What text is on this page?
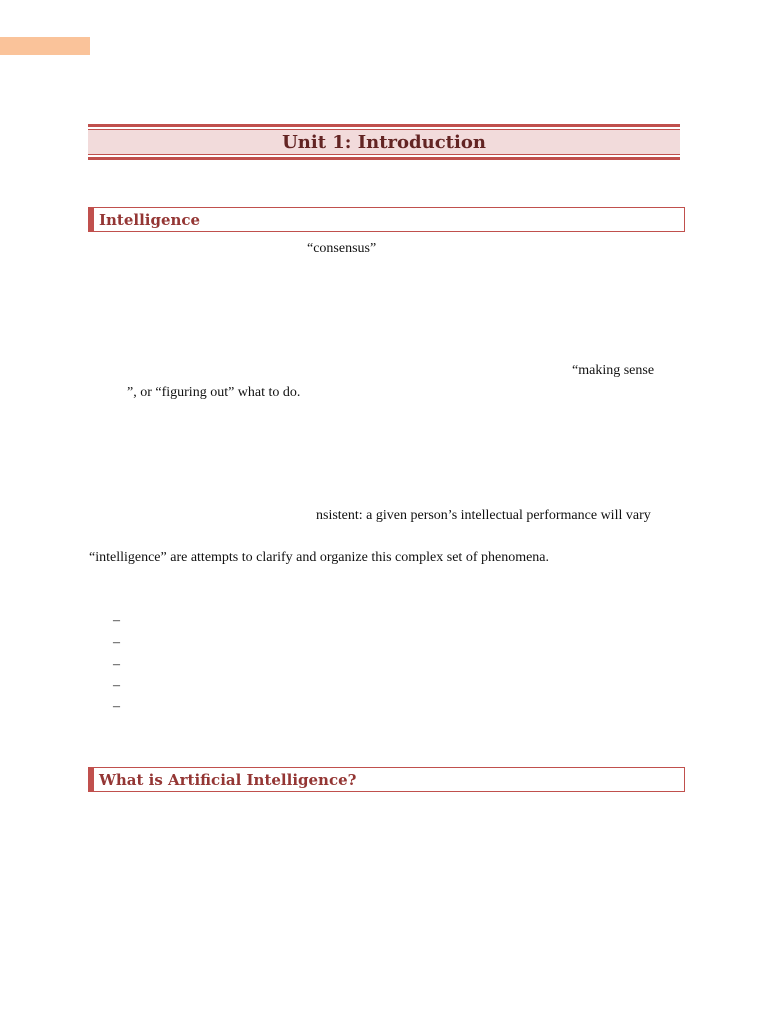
Unit 1: Introduction
Intelligence
“consensus”
“making sense
”, or “figuring out” what to do.
nsistent: a given person’s intellectual performance will vary
“intelligence” are attempts to clarify and organize this complex set of phenomena.
–
–
–
–
–
What is Artificial Intelligence?
